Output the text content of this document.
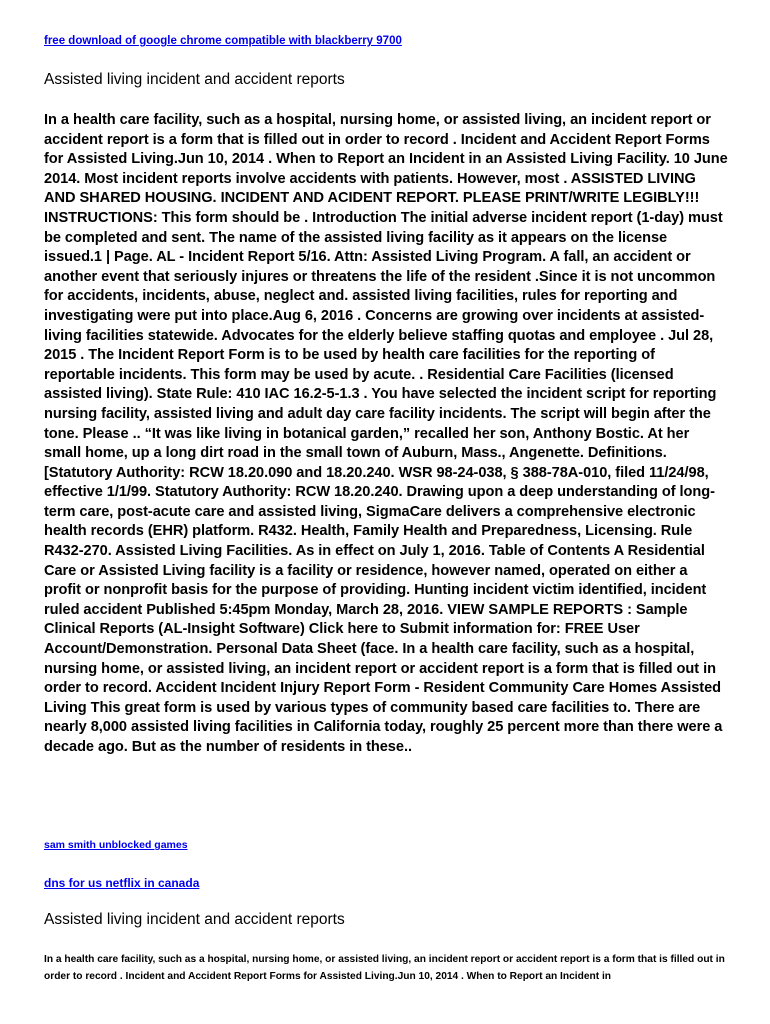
free download of google chrome compatible with blackberry 9700
Assisted living incident and accident reports

In a health care facility, such as a hospital, nursing home, or assisted living, an incident report or accident report is a form that is filled out in order to record . Incident and Accident Report Forms for Assisted Living.Jun 10, 2014 . When to Report an Incident in an Assisted Living Facility. 10 June 2014. Most incident reports involve accidents with patients. However, most . ASSISTED LIVING AND SHARED HOUSING. INCIDENT AND ACIDENT REPORT. PLEASE PRINT/WRITE LEGIBLY!!! INSTRUCTIONS: This form should be . Introduction The initial adverse incident report (1-day) must be completed and sent. The name of the assisted living facility as it appears on the license issued.1 | Page. AL - Incident Report 5/16. Attn: Assisted Living Program. A fall, an accident or another event that seriously injures or threatens the life of the resident .Since it is not uncommon for accidents, incidents, abuse, neglect and. assisted living facilities, rules for reporting and investigating were put into place.Aug 6, 2016 . Concerns are growing over incidents at assisted-living facilities statewide. Advocates for the elderly believe staffing quotas and employee . Jul 28, 2015 . The Incident Report Form is to be used by health care facilities for the reporting of reportable incidents. This form may be used by acute. . Residential Care Facilities (licensed assisted living). State Rule: 410 IAC 16.2-5-1.3 . You have selected the incident script for reporting nursing facility, assisted living and adult day care facility incidents. The script will begin after the tone. Please .. “It was like living in botanical garden,” recalled her son, Anthony Bostic. At her small home, up a long dirt road in the small town of Auburn, Mass., Angenette. Definitions. [Statutory Authority: RCW 18.20.090 and 18.20.240. WSR 98-24-038, § 388-78A-010, filed 11/24/98, effective 1/1/99. Statutory Authority: RCW 18.20.240. Drawing upon a deep understanding of long-term care, post-acute care and assisted living, SigmaCare delivers a comprehensive electronic health records (EHR) platform. R432. Health, Family Health and Preparedness, Licensing. Rule R432-270. Assisted Living Facilities. As in effect on July 1, 2016. Table of Contents A Residential Care or Assisted Living facility is a facility or residence, however named, operated on either a profit or nonprofit basis for the purpose of providing. Hunting incident victim identified, incident ruled accident Published 5:45pm Monday, March 28, 2016. VIEW SAMPLE REPORTS : Sample Clinical Reports (AL-Insight Software) Click here to Submit information for: FREE User Account/Demonstration. Personal Data Sheet (face. In a health care facility, such as a hospital, nursing home, or assisted living, an incident report or accident report is a form that is filled out in order to record. Accident Incident Injury Report Form - Resident Community Care Homes Assisted Living This great form is used by various types of community based care facilities to. There are nearly 8,000 assisted living facilities in California today, roughly 25 percent more than there were a decade ago. But as the number of residents in these..

sam smith unblocked games
dns for us netflix in canada
Assisted living incident and accident reports

In a health care facility, such as a hospital, nursing home, or assisted living, an incident report or accident report is a form that is filled out in order to record . Incident and Accident Report Forms for Assisted Living.Jun 10, 2014 . When to Report an Incident in
